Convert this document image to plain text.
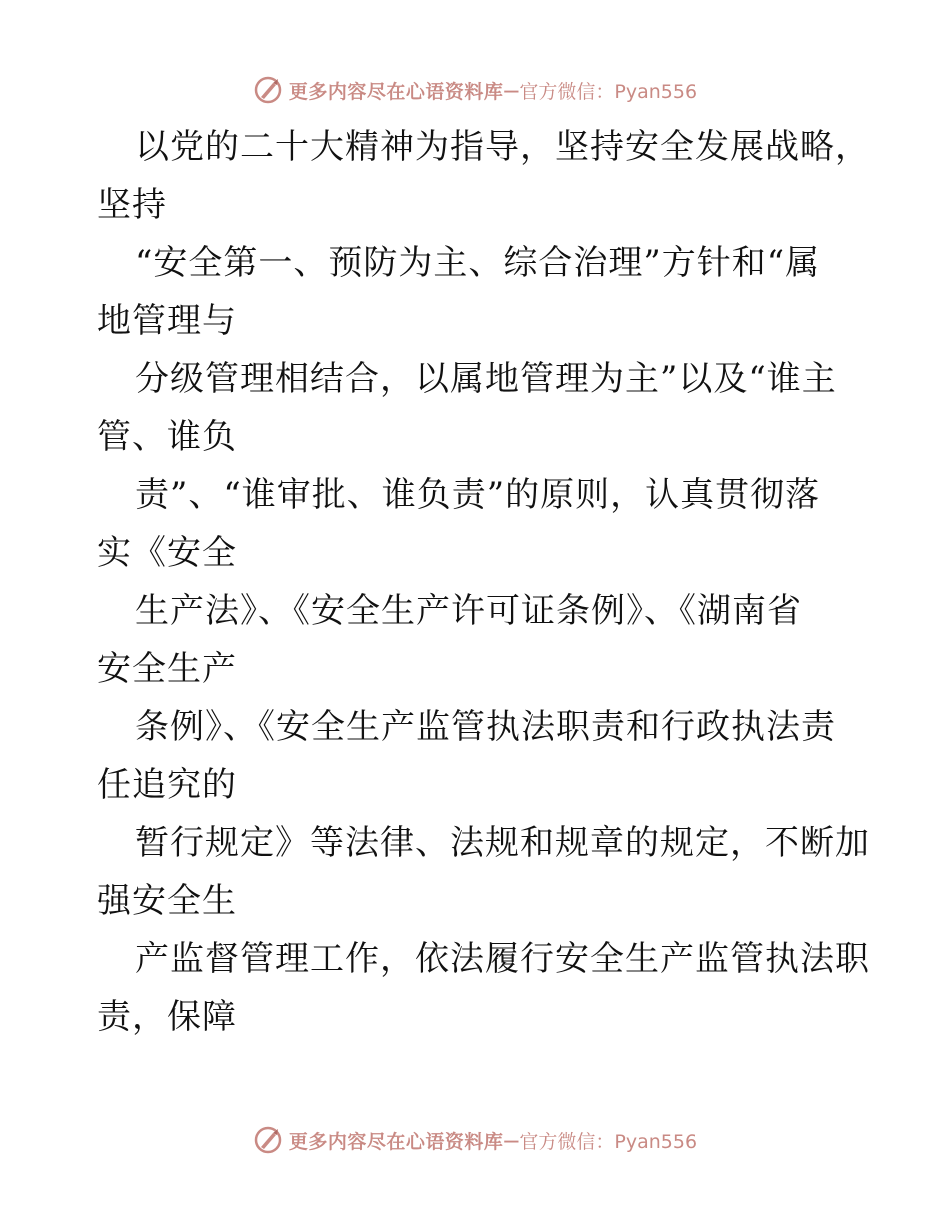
更多内容尽在心语资料库 — 官方微信：Pyan556
以党的二十大精神为指导，坚持安全发展战略，
坚持
“安全第一、预防为主、综合治理”方针和“属
地管理与
分级管理相结合，以属地管理为主”以及“谁主
管、谁负
责”、“谁审批、谁负责”的原则，认真贯彻落
实《安全
生产法》、《安全生产许可证条例》、《湖南省
安全生产
条例》、《安全生产监管执法职责和行政执法责
任追究的
暂行规定》等法律、法规和规章的规定，不断加
强安全生
产监督管理工作，依法履行安全生产监管执法职
责，保障
更多内容尽在心语资料库 — 官方微信：Pyan556
